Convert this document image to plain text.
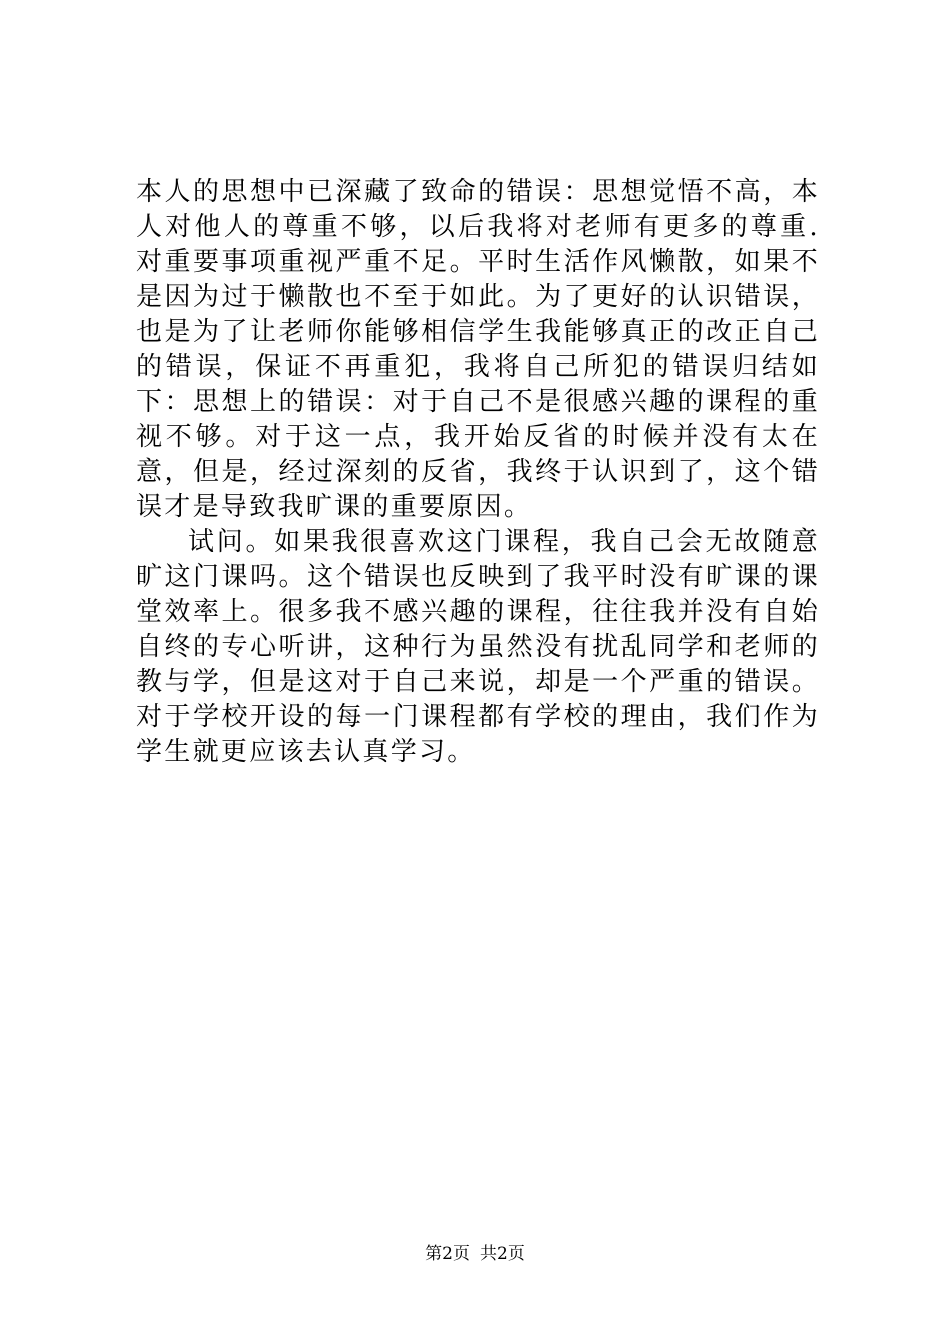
本人的思想中已深藏了致命的错误：思想觉悟不高，本人对他人的尊重不够，以后我将对老师有更多的尊重.对重要事项重视严重不足。平时生活作风懒散，如果不是因为过于懒散也不至于如此。为了更好的认识错误，也是为了让老师你能够相信学生我能够真正的改正自己的错误，保证不再重犯，我将自己所犯的错误归结如下：思想上的错误：对于自己不是很感兴趣的课程的重视不够。对于这一点，我开始反省的时候并没有太在意，但是，经过深刻的反省，我终于认识到了，这个错误才是导致我旷课的重要原因。

试问。如果我很喜欢这门课程，我自己会无故随意旷这门课吗。这个错误也反映到了我平时没有旷课的课堂效率上。很多我不感兴趣的课程，往往我并没有自始自终的专心听讲，这种行为虽然没有扰乱同学和老师的教与学，但是这对于自己来说，却是一个严重的错误。对于学校开设的每一门课程都有学校的理由，我们作为学生就更应该去认真学习。

第2页 共2页
